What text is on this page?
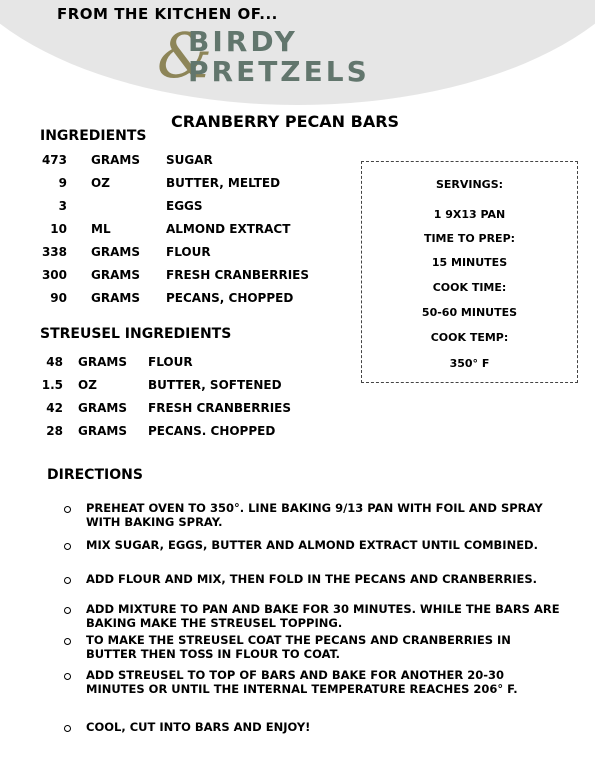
FROM THE KITCHEN OF...
&
BIRDY
PRETZELS
CRANBERRY PECAN BARS
INGREDIENTS
473 GRAMS SUGAR
9 OZ	BUTTER, MELTED
3	EGGS
10 ML	ALMOND EXTRACT
338 GRAMS FLOUR
300 GRAMS FRESH CRANBERRIES
90 GRAMS PECANS, CHOPPED
STREUSEL INGREDIENTS
48 GRAMS FLOUR
1.5 OZ	BUTTER, SOFTENED
42 GRAMS FRESH CRANBERRIES
28 GRAMS PECANS. CHOPPED
SERVINGS:
1 9X13 PAN
TIME TO PREP:
15 MINUTES
COOK TIME:
50-60 MINUTES
COOK TEMP:
350° F
DIRECTIONS
PREHEAT OVEN TO 350°. LINE BAKING 9/13 PAN WITH FOIL AND SPRAY WITH BAKING SPRAY.
MIX SUGAR, EGGS, BUTTER AND ALMOND EXTRACT UNTIL COMBINED.
ADD FLOUR AND MIX, THEN FOLD IN THE PECANS AND CRANBERRIES.
ADD MIXTURE TO PAN AND BAKE FOR 30 MINUTES. WHILE THE BARS ARE BAKING MAKE THE STREUSEL TOPPING.
TO MAKE THE STREUSEL COAT THE PECANS AND CRANBERRIES IN BUTTER THEN TOSS IN FLOUR TO COAT.
ADD STREUSEL TO TOP OF BARS AND BAKE FOR ANOTHER 20-30 MINUTES OR UNTIL THE INTERNAL TEMPERATURE REACHES 206° F.
COOL, CUT INTO BARS AND ENJOY!
